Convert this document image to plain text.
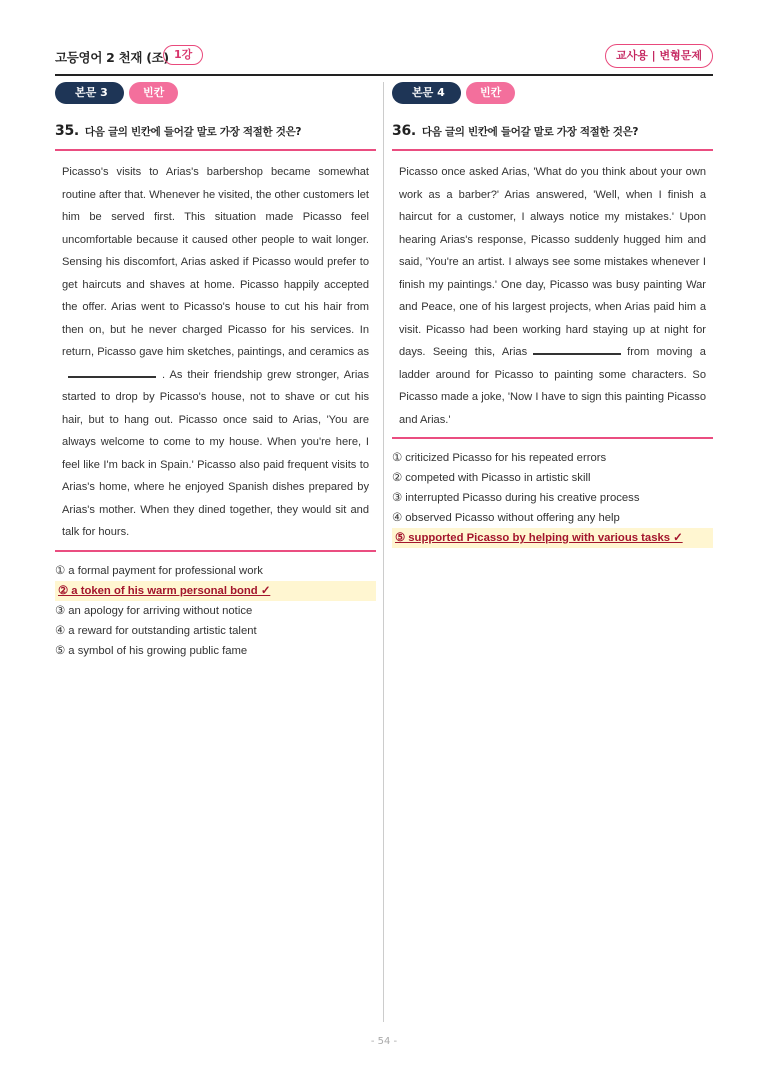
고등영어 2 천재 (조) 1강	교사용 | 변형문제
본문 3	빈칸
35. 다음 글의 빈칸에 들어갈 말로 가장 적절한 것은?
Picasso's visits to Arias's barbershop became somewhat routine after that. Whenever he visited, the other customers let him be served first. This situation made Picasso feel uncomfortable because it caused other people to wait longer. Sensing his discomfort, Arias asked if Picasso would prefer to get haircuts and shaves at home. Picasso happily accepted the offer. Arias went to Picasso's house to cut his hair from then on, but he never charged Picasso for his services. In return, Picasso gave him sketches, paintings, and ceramics as. As their friendship grew stronger, Arias started to drop by Picasso's house, not to shave or cut his hair, but to hang out. Picasso once said to Arias, 'You are always welcome to come to my house. When you're here, I feel like I'm back in Spain.' Picasso also paid frequent visits to Arias's home, where he enjoyed Spanish dishes prepared by Arias's mother. When they dined together, they would sit and talk for hours.
① a formal payment for professional work
② a token of his warm personal bond ✓
③ an apology for arriving without notice
④ a reward for outstanding artistic talent
⑤ a symbol of his growing public fame
본문 4	빈칸
36. 다음 글의 빈칸에 들어갈 말로 가장 적절한 것은?
Picasso once asked Arias, 'What do you think about your own work as a barber?' Arias answered, 'Well, when I finish a haircut for a customer, I always notice my mistakes.' Upon hearing Arias's response, Picasso suddenly hugged him and said, 'You're an artist. I always see some mistakes whenever I finish my paintings.' One day, Picasso was busy painting War and Peace, one of his largest projects, when Arias paid him a visit. Picasso had been working hard staying up at night for days. Seeing this, Arias	from moving a ladder around for Picasso to painting some characters. So Picasso made a joke, 'Now I have to sign this painting Picasso and Arias.'
① criticized Picasso for his repeated errors
② competed with Picasso in artistic skill
③ interrupted Picasso during his creative process
④ observed Picasso without offering any help
⑤ supported Picasso by helping with various tasks ✓
- 54 -
